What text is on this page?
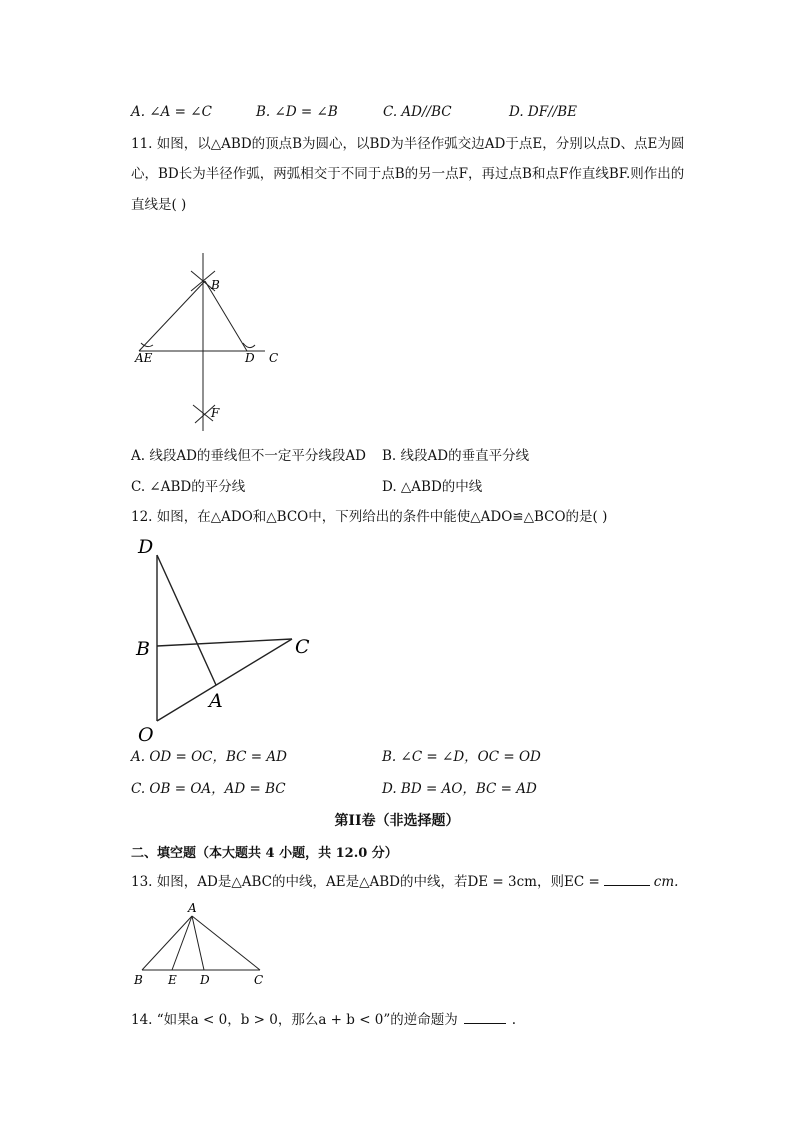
A. ∠A = ∠C	B. ∠D = ∠B	C. AD//BC	D. DF//BE
11. 如图，以△ABD的顶点B为圆心，以BD为半径作弧交边AD于点E，分别以点D、点E为圆
心，BD长为半径作弧，两弧相交于不同于点B的另一点F，再过点B和点F作直线BF.则作出的
直线是( )
B
AE	D C
F
A. 线段AD的垂线但不一定平分线段AD B. 线段AD的垂直平分线
C. ∠ABD的平分线	D. △ABD的中线
12. 如图，在△ADO和△BCO中，下列给出的条件中能使△ADO≌△BCO的是( )
D
B	C
A
O
A. OD = OC，BC = AD	B. ∠C = ∠D，OC = OD
C. OB = OA，AD = BC	D. BD = AO，BC = AD
第II卷（非选择题）
二、填空题（本大题共 4 小题，共 12.0 分）
13. 如图，AD是△ABC的中线，AE是△ABD的中线，若DE = 3cm，则EC =	cm.
A
B E D	C
14. “如果a < 0，b > 0，那么a + b < 0”的逆命题为	.
